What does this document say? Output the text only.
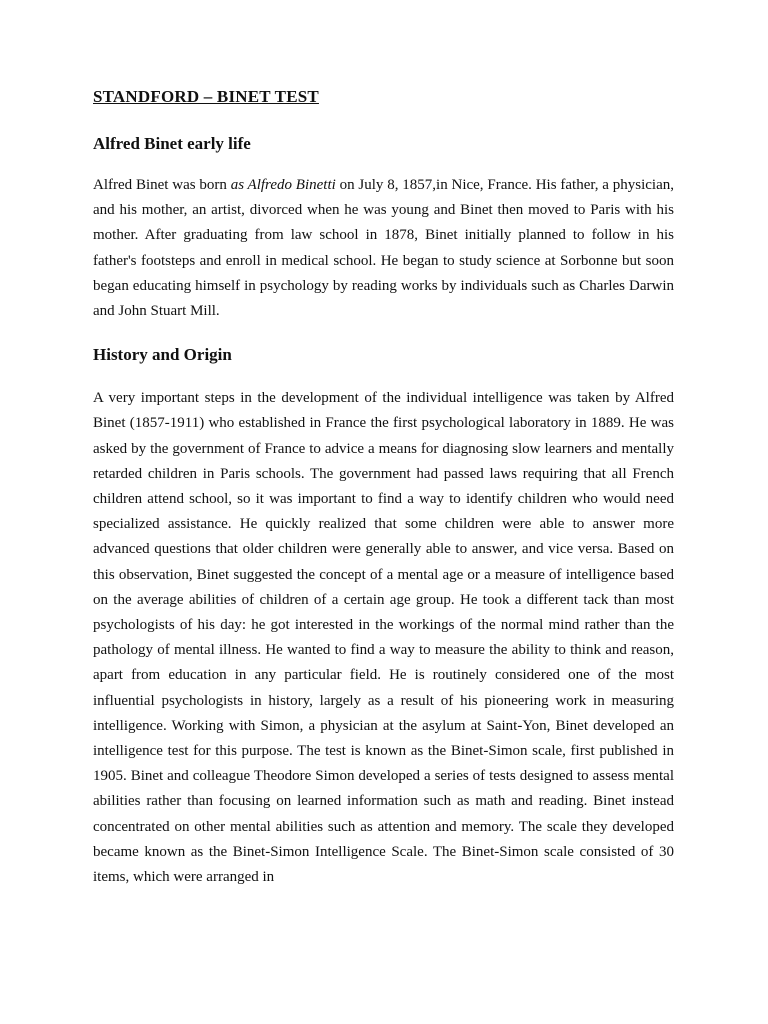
STANDFORD – BINET TEST
Alfred Binet early life

Alfred Binet was born as Alfredo Binetti on July 8, 1857,in Nice, France. His father, a physician, and his mother, an artist, divorced when he was young and Binet then moved to Paris with his mother. After graduating from law school in 1878, Binet initially planned to follow in his father's footsteps and enroll in medical school. He began to study science at Sorbonne but soon began educating himself in psychology by reading works by individuals such as Charles Darwin and John Stuart Mill.

History and Origin

A very important steps in the development of the individual intelligence was taken by Alfred Binet (1857-1911) who established in France the first psychological laboratory in 1889. He was asked by the government of France to advice a means for diagnosing slow learners and mentally retarded children in Paris schools. The government had passed laws requiring that all French children attend school, so it was important to find a way to identify children who would need specialized assistance. He quickly realized that some children were able to answer more advanced questions that older children were generally able to answer, and vice versa. Based on this observation, Binet suggested the concept of a mental age or a measure of intelligence based on the average abilities of children of a certain age group. He took a different tack than most psychologists of his day: he got interested in the workings of the normal mind rather than the pathology of mental illness. He wanted to find a way to measure the ability to think and reason, apart from education in any particular field. He is routinely considered one of the most influential psychologists in history, largely as a result of his pioneering work in measuring intelligence. Working with Simon, a physician at the asylum at Saint-Yon, Binet developed an intelligence test for this purpose. The test is known as the Binet-Simon scale, first published in 1905. Binet and colleague Theodore Simon developed a series of tests designed to assess mental abilities rather than focusing on learned information such as math and reading. Binet instead concentrated on other mental abilities such as attention and memory. The scale they developed became known as the Binet-Simon Intelligence Scale. The Binet-Simon scale consisted of 30 items, which were arranged in
